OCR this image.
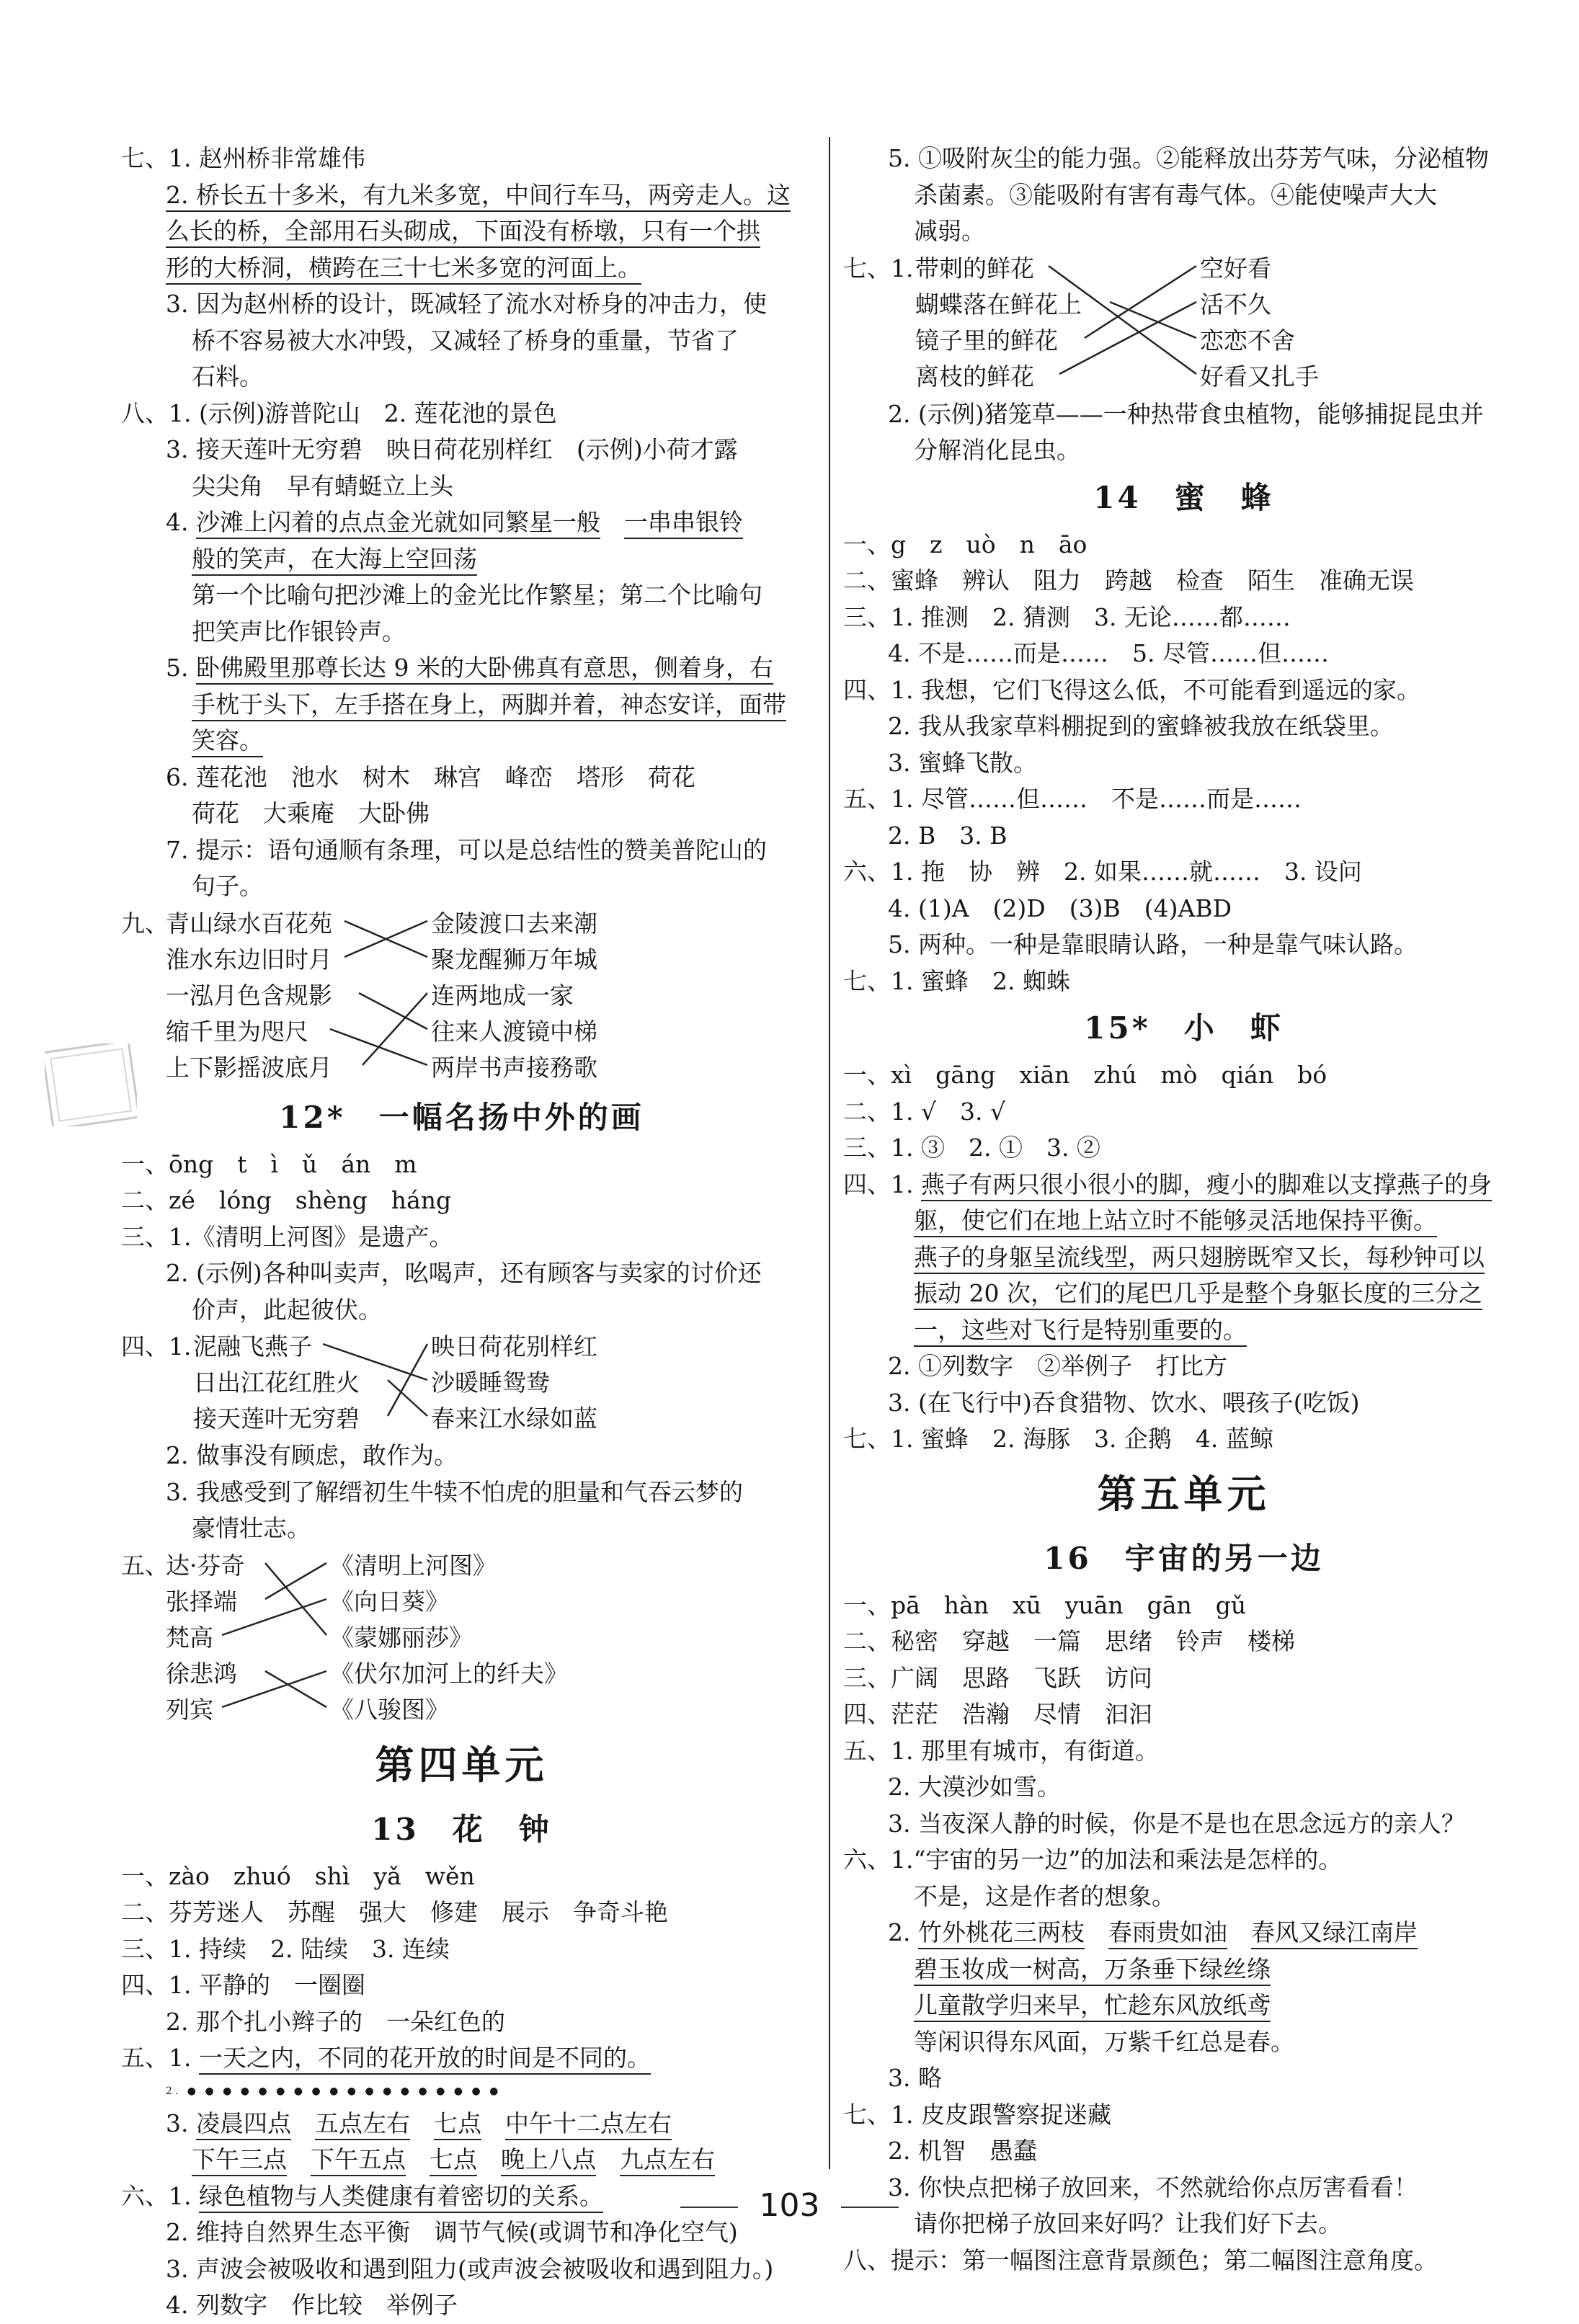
七、1. 赵州桥非常雄伟
2. 桥长五十多米，有九米多宽，中间行车马，两旁走人。这
么长的桥，全部用石头砌成，下面没有桥墩，只有一个拱
形的大桥洞，横跨在三十七米多宽的河面上。
3. 因为赵州桥的设计，既减轻了流水对桥身的冲击力，使
桥不容易被大水冲毁，又减轻了桥身的重量，节省了
石料。
八、1. (示例)游普陀山　2. 莲花池的景色
3. 接天莲叶无穷碧　映日荷花别样红　(示例)小荷才露
尖尖角　早有蜻蜓立上头
4. 沙滩上闪着的点点金光就如同繁星一般　 一串串银铃
般的笑声，在大海上空回荡
第一个比喻句把沙滩上的金光比作繁星；第二个比喻句
把笑声比作银铃声。
5. 卧佛殿里那尊长达 9 米的大卧佛真有意思，侧着身，右
手枕于头下，左手搭在身上，两脚并着，神态安详，面带
笑容。
6. 莲花池　池水　树木　琳宫　峰峦　塔形　荷花
荷花　大乘庵　大卧佛
7. 提示：语句通顺有条理，可以是总结性的赞美普陀山的
句子。
九、
青山绿水百花苑
淮水东边旧时月
一泓月色含规影
缩千里为咫尺
上下影摇波底月
金陵渡口去来潮
聚龙醒狮万年城
连两地成一家
往来人渡镜中梯
两岸书声接務歌
12*　一幅名扬中外的画
一、ōng　t　ì　ǔ　án　m
二、zé　lóng　shèng　háng
三、1.《清明上河图》是遗产。
2. (示例)各种叫卖声，吆喝声，还有顾客与卖家的讨价还
价声，此起彼伏。
四、1. 泥融飞燕子
日出江花红胜火
接天莲叶无穷碧
映日荷花别样红
沙暖睡鸳鸯
春来江水绿如蓝
2. 做事没有顾虑，敢作为。
3. 我感受到了解缙初生牛犊不怕虎的胆量和气吞云梦的
豪情壮志。
五、
达·芬奇
张择端
梵高
徐悲鸿
列宾
《清明上河图》
《向日葵》
《蒙娜丽莎》
《伏尔加河上的纤夫》
《八骏图》
第四单元
13　花　钟
一、zào　zhuó　shì　yǎ　wěn
二、芬芳迷人　苏醒　强大　修建　展示　争奇斗艳
三、1. 持续　2. 陆续　3. 连续
四、1. 平静的　一圈圈
2. 那个扎小辫子的　一朵红色的
五、1. 一天之内，不同的花开放的时间是不同的。
2. ● ● ● ● ● ● ● ● ● ● ● ● ● ● ● ● ● ●
3. 凌晨四点　 五点左右　 七点　 中午十二点左右
下午三点　 下午五点　 七点　 晚上八点　 九点左右
六、1. 绿色植物与人类健康有着密切的关系。
2. 维持自然界生态平衡　调节气候(或调节和净化空气)
3. 声波会被吸收和遇到阻力(或声波会被吸收和遇到阻力。)
4. 列数字　作比较　举例子
5. ①吸附灰尘的能力强。②能释放出芬芳气味，分泌植物
杀菌素。③能吸附有害有毒气体。④能使噪声大大
减弱。
七、1. 带刺的鲜花
蝴蝶落在鲜花上
镜子里的鲜花
离枝的鲜花
空好看
活不久
恋恋不舍
好看又扎手
2. (示例)猪笼草——一种热带食虫植物，能够捕捉昆虫并
分解消化昆虫。
14　蜜　蜂
一、g　z　uò　n　āo
二、蜜蜂　辨认　阻力　跨越　检查　陌生　准确无误
三、1. 推测　2. 猜测　3. 无论……都……
4. 不是……而是……　5. 尽管……但……
四、1. 我想，它们飞得这么低，不可能看到遥远的家。
2. 我从我家草料棚捉到的蜜蜂被我放在纸袋里。
3. 蜜蜂飞散。
五、1. 尽管……但……　不是……而是……
2. B　3. B
六、1. 拖　协　辨　2. 如果……就……　3. 设问
4. (1)A　(2)D　(3)B　(4)ABD
5. 两种。一种是靠眼睛认路，一种是靠气味认路。
七、1. 蜜蜂　2. 蜘蛛
15*　小　虾
一、xì　gāng　xiān　zhú　mò　qián　bó
二、1. √　3. √
三、1. ③　2. ①　3. ②
四、1. 燕子有两只很小很小的脚，瘦小的脚难以支撑燕子的身
躯，使它们在地上站立时不能够灵活地保持平衡。
燕子的身躯呈流线型，两只翅膀既窄又长，每秒钟可以
振动 20 次，它们的尾巴几乎是整个身躯长度的三分之
一，这些对飞行是特别重要的。
2. ①列数字　②举例子　打比方
3. (在飞行中)吞食猎物、饮水、喂孩子(吃饭)
七、1. 蜜蜂　2. 海豚　3. 企鹅　4. 蓝鲸
第五单元
16　宇宙的另一边
一、pā　hàn　xū　yuān　gān　gǔ
二、秘密　穿越　一篇　思绪　铃声　楼梯
三、广阔　思路　飞跃　访问
四、茫茫　浩瀚　尽情　汩汩
五、1. 那里有城市，有街道。
2. 大漠沙如雪。
3. 当夜深人静的时候，你是不是也在思念远方的亲人？
六、1.“宇宙的另一边”的加法和乘法是怎样的。
不是，这是作者的想象。
2. 竹外桃花三两枝　 春雨贵如油　 春风又绿江南岸
碧玉妆成一树高，万条垂下绿丝绦
儿童散学归来早，忙趁东风放纸鸢
等闲识得东风面，万紫千红总是春。
3. 略
七、1. 皮皮跟警察捉迷藏
2. 机智　愚蠢
3. 你快点把梯子放回来，不然就给你点厉害看看！
请你把梯子放回来好吗？让我们好下去。
八、提示：第一幅图注意背景颜色；第二幅图注意角度。
103
